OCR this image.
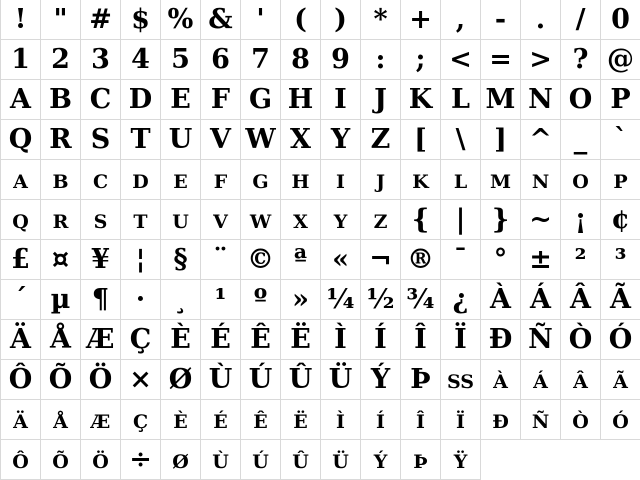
!	" # $ % & '	(	) * + ,	-	.	/ 0
1 2 3 4 5 6 7 8 9 :	; < = > ? @
A B C D E F G H I	J K L M N O P
Q R S T U V W X Y Z [	\	] ^ _ `
a b c d e f g h i	j	k l m n o p
q r s t u v w x y z { | } ~ ¡ ¢
£ ¤ ¥ ¦	§ ¨ © ª « ¬ ® ¯ ° ± ²	³
´ µ ¶ ·	¸	¹	º » ¼ ½ ¾ ¿ À Á Â Ã
Ä Å Æ Ç È É Ê Ë Ì	Í	Î	Ï Ð Ñ Ò Ó
Ô Õ Ö × Ø Ù Ú Û Ü Ý Þ ß à á â ã
ä å æ ç è é ê ë	ì	í	î	ï	ð ñ ò ó
ô õ ö ÷ ø ù ú û ü ý þ ÿ
